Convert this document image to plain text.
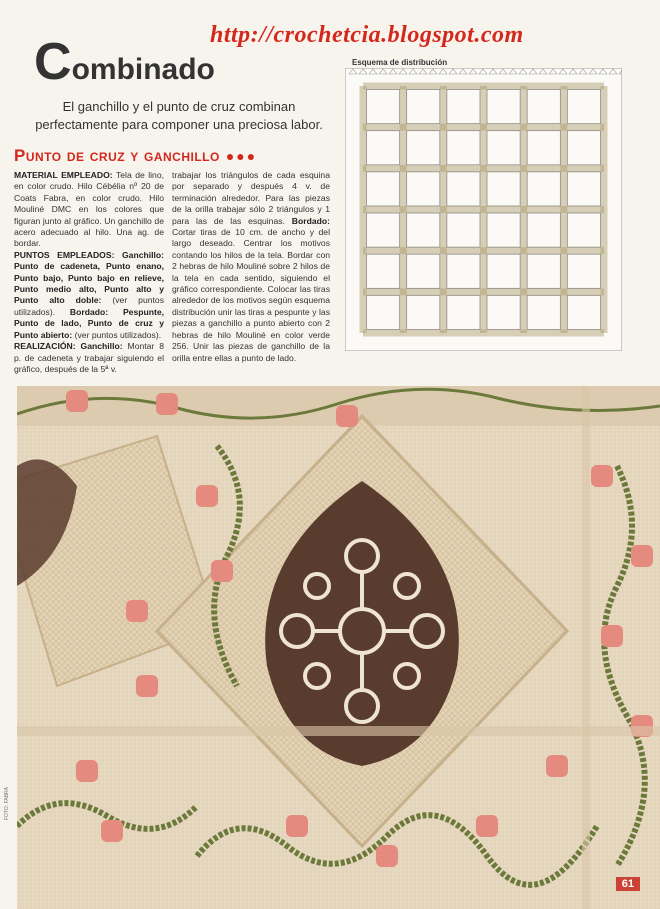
http://crochetcia.blogspot.com
Combinado
El ganchillo y el punto de cruz combinan perfectamente para componer una preciosa labor.
Punto de cruz y ganchillo ●●●
MATERIAL EMPLEADO: Tela de lino, en color crudo. Hilo Cébélia nº 20 de Coats Fabra, en color crudo. Hilo Mouliné DMC en los colores que figuran junto al gráfico. Un ganchillo de acero adecuado al hilo. Una ag. de bordar.
PUNTOS EMPLEADOS: Ganchillo: Punto de cadeneta, Punto enano, Punto bajo, Punto bajo en relieve, Punto medio alto, Punto alto y Punto alto doble: (ver puntos utilizados). Bordado: Pespunte, Punto de lado, Punto de cruz y Punto abierto: (ver puntos utilizados).
REALIZACIÓN: Ganchillo: Montar 8 p. de cadeneta y trabajar siguiendo el gráfico, después de la 5ª v.
trabajar los triángulos de cada esquina por separado y después 4 v. de terminación alrededor. Para las piezas de la orilla trabajar sólo 2 triángulos y 1 para las de las esquinas. Bordado: Cortar tiras de 10 cm. de ancho y del largo deseado. Centrar los motivos contando los hilos de la tela. Bordar con 2 hebras de hilo Mouliné sobre 2 hilos de la tela en cada sentido, siguiendo el gráfico correspondiente. Colocar las tiras alrededor de los motivos según esquema distribución unir las tiras a pespunte y las piezas a ganchillo a punto abierto con 2 hebras de hilo Mouliné en color verde 256. Unir las piezas de ganchillo de la orilla entre ellas a punto de lado.
Esquema de distribución
FOTO: FABRA
61
